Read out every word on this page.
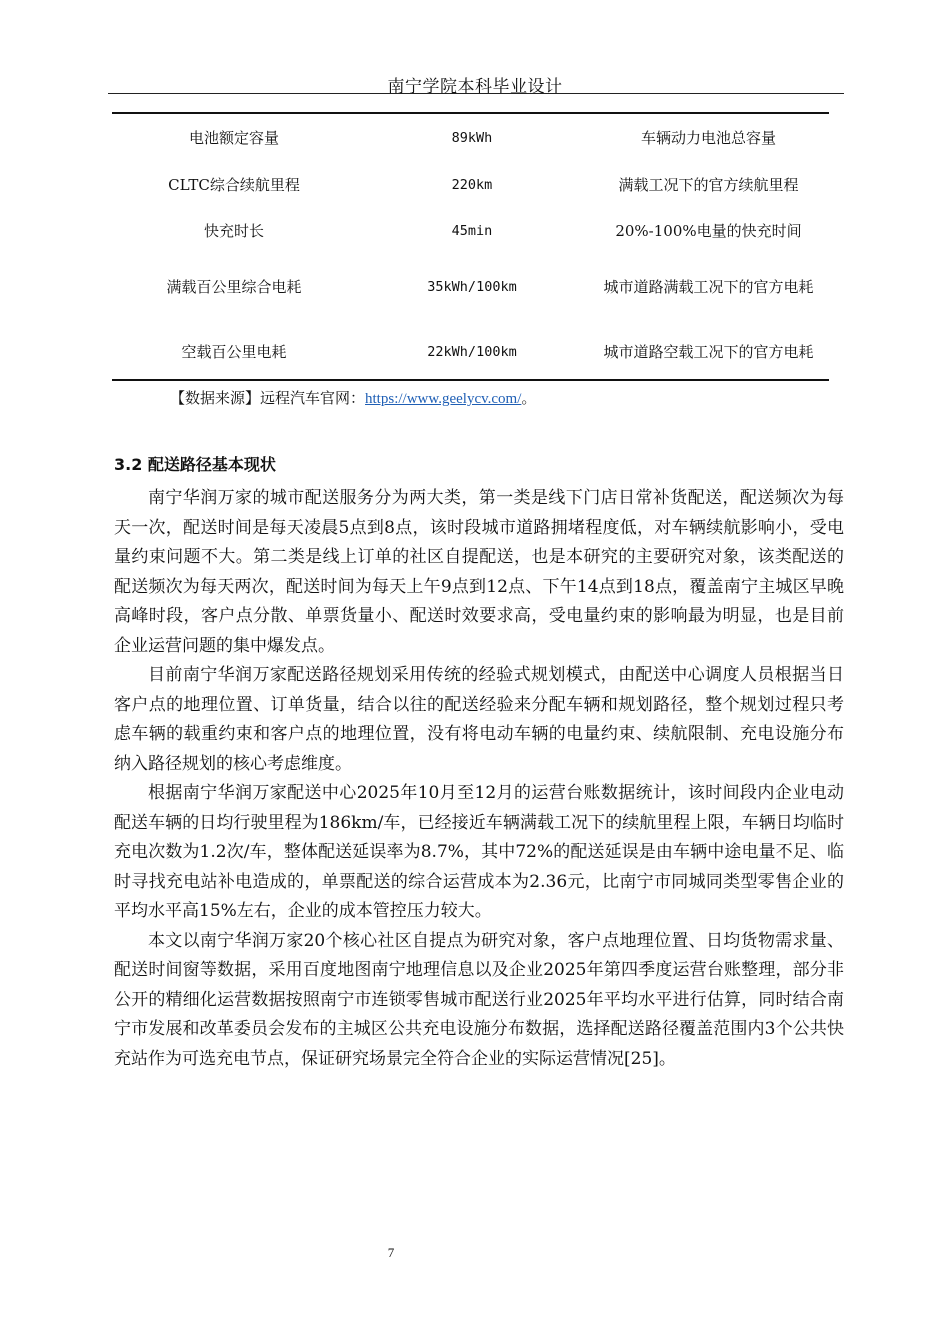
南宁学院本科毕业设计
电池额定容量	89kWh	车辆动力电池总容量
CLTC综合续航里程	220km	满载工况下的官方续航里程
快充时长	45min	20%-100%电量的快充时间
满载百公里综合电耗	35kWh/100km	城市道路满载工况下的官方电耗
空载百公里电耗	22kWh/100km	城市道路空载工况下的官方电耗
【数据来源】远程汽车官网：https://www.geelycv.com/。
3.2 配送路径基本现状

南宁华润万家的城市配送服务分为两大类，第一类是线下门店日常补货配送，配送频次为每天一次，配送时间是每天凌晨5点到8点，该时段城市道路拥堵程度低，对车辆续航影响小，受电量约束问题不大。第二类是线上订单的社区自提配送，也是本研究的主要研究对象，该类配送的配送频次为每天两次，配送时间为每天上午9点到12点、下午14点到18点，覆盖南宁主城区早晚高峰时段，客户点分散、单票货量小、配送时效要求高，受电量约束的影响最为明显，也是目前企业运营问题的集中爆发点。

目前南宁华润万家配送路径规划采用传统的经验式规划模式，由配送中心调度人员根据当日客户点的地理位置、订单货量，结合以往的配送经验来分配车辆和规划路径，整个规划过程只考虑车辆的载重约束和客户点的地理位置，没有将电动车辆的电量约束、续航限制、充电设施分布纳入路径规划的核心考虑维度。

根据南宁华润万家配送中心2025年10月至12月的运营台账数据统计，该时间段内企业电动配送车辆的日均行驶里程为186km/车，已经接近车辆满载工况下的续航里程上限，车辆日均临时充电次数为1.2次/车，整体配送延误率为8.7%，其中72%的配送延误是由车辆中途电量不足、临时寻找充电站补电造成的，单票配送的综合运营成本为2.36元，比南宁市同城同类型零售企业的平均水平高15%左右，企业的成本管控压力较大。

本文以南宁华润万家20个核心社区自提点为研究对象，客户点地理位置、日均货物需求量、配送时间窗等数据，采用百度地图南宁地理信息以及企业2025年第四季度运营台账整理，部分非公开的精细化运营数据按照南宁市连锁零售城市配送行业2025年平均水平进行估算，同时结合南宁市发展和改革委员会发布的主城区公共充电设施分布数据，选择配送路径覆盖范围内3个公共快充站作为可选充电节点，保证研究场景完全符合企业的实际运营情况[25]。

7
